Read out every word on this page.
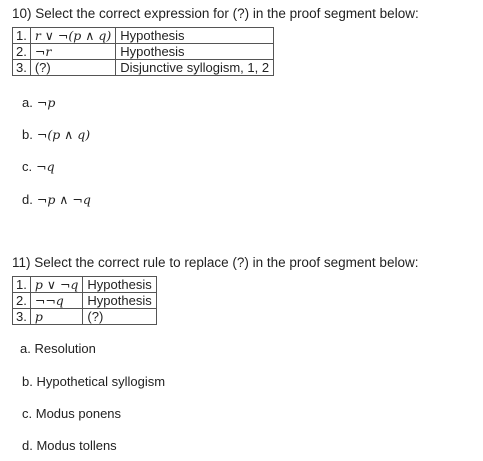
10) Select the correct expression for (?) in the proof segment below:
1.	r ∨ ¬(p ∧ q)	Hypothesis
2.	¬r	Hypothesis
3.	(?)	Disjunctive syllogism, 1, 2
a. ¬p
b. ¬(p ∧ q)
c. ¬q
d. ¬p ∧ ¬q
11) Select the correct rule to replace (?) in the proof segment below:
1.	p ∨ ¬q	Hypothesis
2.	¬¬q	Hypothesis
3.	p	(?)
a. Resolution
b. Hypothetical syllogism
c. Modus ponens
d. Modus tollens
